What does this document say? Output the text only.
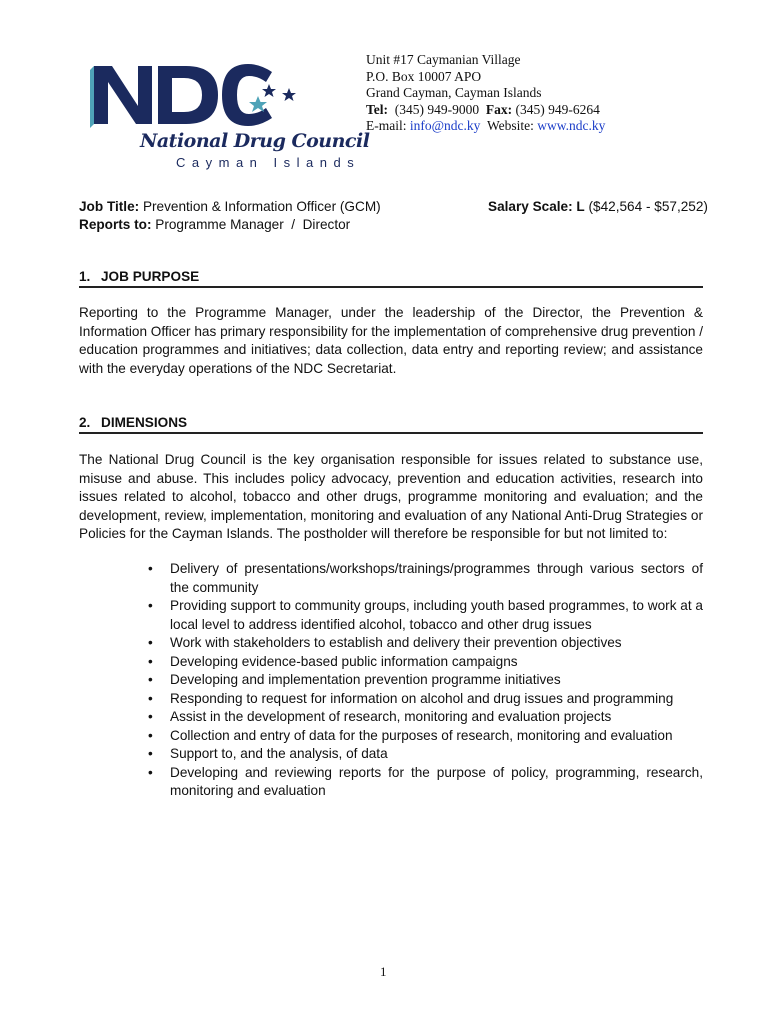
National Drug Council
Cayman Islands
Unit #17 Caymanian Village
P.O. Box 10007 APO
Grand Cayman, Cayman Islands
Tel: (345) 949-9000 Fax: (345) 949-6264
E-mail: info@ndc.ky Website: www.ndc.ky
Job Title: Prevention & Information Officer (GCM)
Reports to: Programme Manager  /  Director
Salary Scale: L ($42,564 - $57,252)
1. JOB PURPOSE
Reporting to the Programme Manager, under the leadership of the Director, the Prevention & Information Officer has primary responsibility for the implementation of comprehensive drug prevention / education programmes and initiatives; data collection, data entry and reporting review; and assistance with the everyday operations of the NDC Secretariat.
2. DIMENSIONS
The National Drug Council is the key organisation responsible for issues related to substance use, misuse and abuse. This includes policy advocacy, prevention and education activities, research into issues related to alcohol, tobacco and other drugs, programme monitoring and evaluation; and the development, review, implementation, monitoring and evaluation of any National Anti-Drug Strategies or Policies for the Cayman Islands. The postholder will therefore be responsible for but not limited to:
• Delivery of presentations/workshops/trainings/programmes through various sectors of the community
• Providing support to community groups, including youth based programmes, to work at a local level to address identified alcohol, tobacco and other drug issues
• Work with stakeholders to establish and delivery their prevention objectives
• Developing evidence-based public information campaigns
• Developing and implementation prevention programme initiatives
• Responding to request for information on alcohol and drug issues and programming
• Assist in the development of research, monitoring and evaluation projects
• Collection and entry of data for the purposes of research, monitoring and evaluation
• Support to, and the analysis, of data
• Developing and reviewing reports for the purpose of policy, programming, research, monitoring and evaluation
1
